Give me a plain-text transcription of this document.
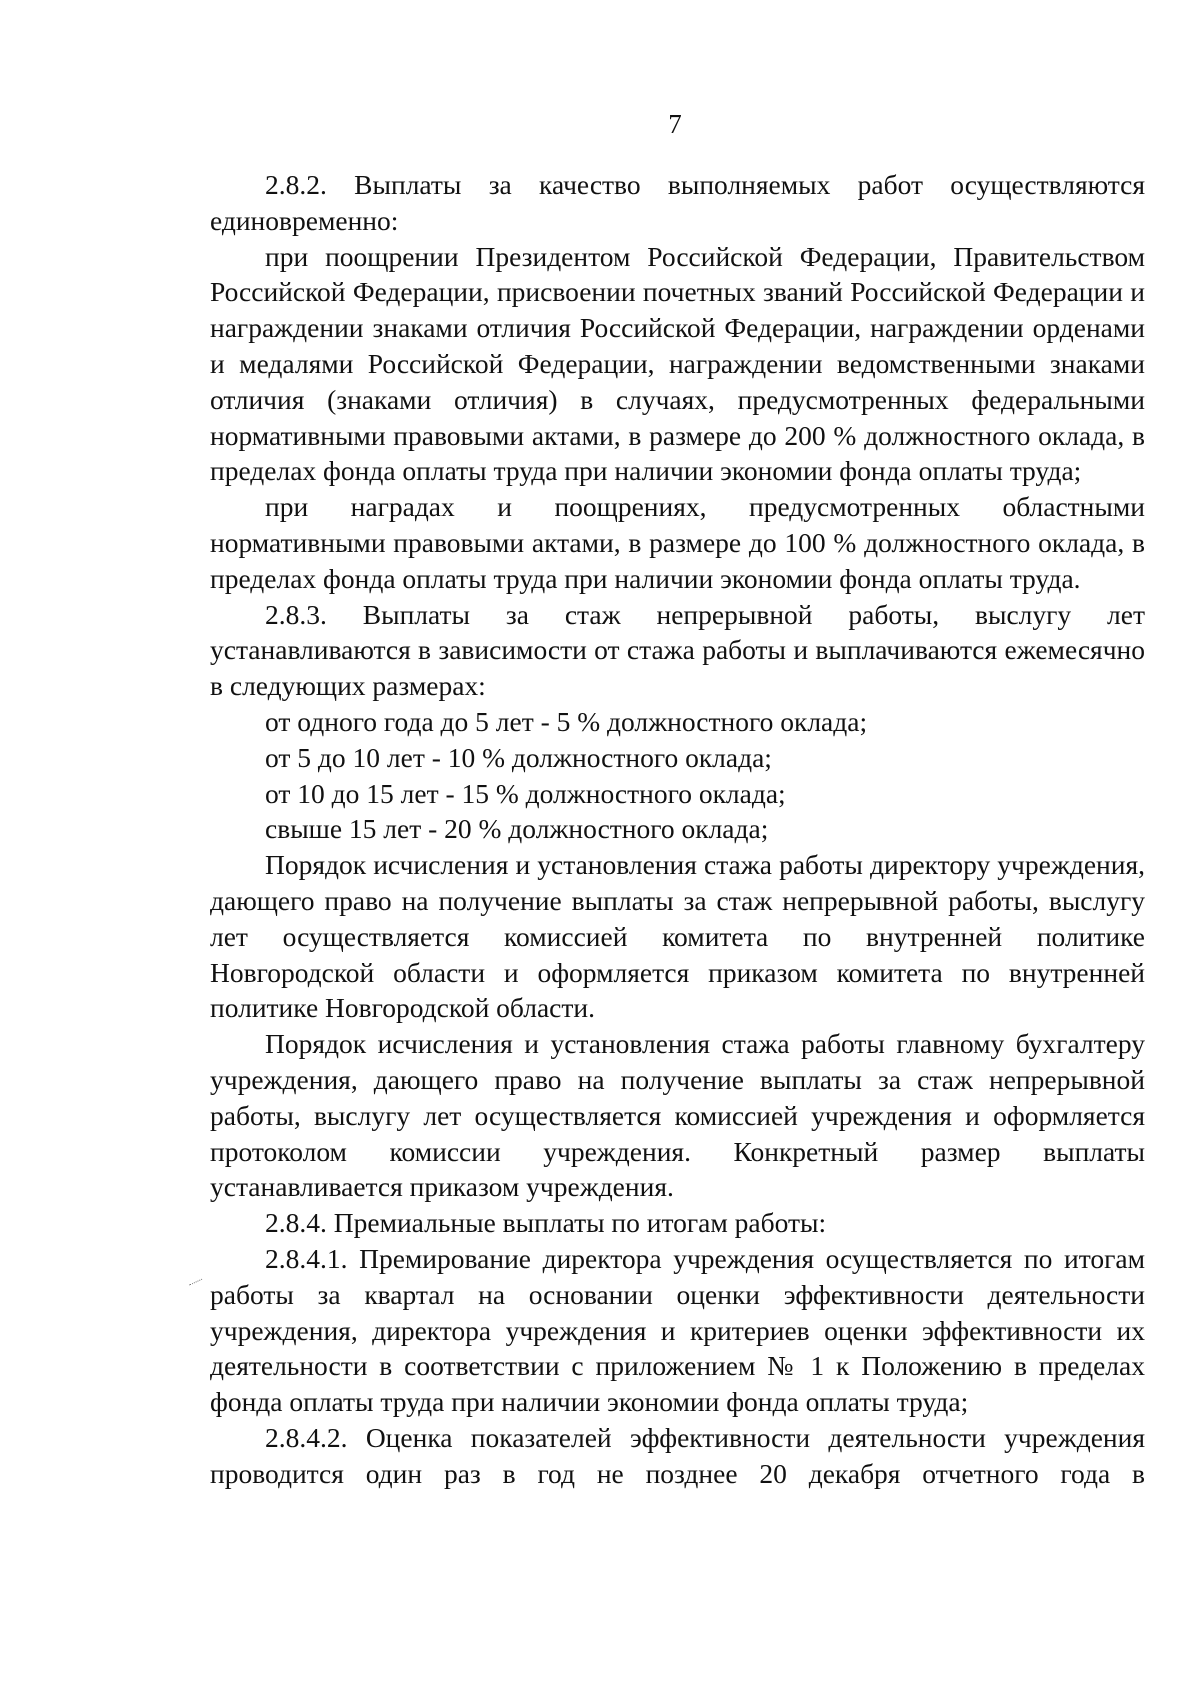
7

2.8.2. Выплаты за качество выполняемых работ осуществляются единовременно:

при поощрении Президентом Российской Федерации, Правительством Российской Федерации, присвоении почетных званий Российской Федерации и награждении знаками отличия Российской Федерации, награждении орденами и медалями Российской Федерации, награждении ведомственными знаками отличия (знаками отличия) в случаях, предусмотренных федеральными нормативными правовыми актами, в размере до 200 % должностного оклада, в пределах фонда оплаты труда при наличии экономии фонда оплаты труда;

при наградах и поощрениях, предусмотренных областными нормативными правовыми актами, в размере до 100 % должностного оклада, в пределах фонда оплаты труда при наличии экономии фонда оплаты труда.

2.8.3. Выплаты за стаж непрерывной работы, выслугу лет устанавливаются в зависимости от стажа работы и выплачиваются ежемесячно в следующих размерах:

от одного года до 5 лет - 5 % должностного оклада;

от 5 до 10 лет - 10 % должностного оклада;

от 10 до 15 лет - 15 % должностного оклада;

свыше 15 лет - 20 % должностного оклада;

Порядок исчисления и установления стажа работы директору учреждения, дающего право на получение выплаты за стаж непрерывной работы, выслугу лет осуществляется комиссией комитета по внутренней политике Новгородской области и оформляется приказом комитета по внутренней политике Новгородской области.

Порядок исчисления и установления стажа работы главному бухгалтеру учреждения, дающего право на получение выплаты за стаж непрерывной работы, выслугу лет осуществляется комиссией учреждения и оформляется протоколом комиссии учреждения. Конкретный размер выплаты устанавливается приказом учреждения.

2.8.4. Премиальные выплаты по итогам работы:

2.8.4.1. Премирование директора учреждения осуществляется по итогам работы за квартал на основании оценки эффективности деятельности учреждения, директора учреждения и критериев оценки эффективности их деятельности в соответствии с приложением № 1 к Положению в пределах фонда оплаты труда при наличии экономии фонда оплаты труда;

2.8.4.2. Оценка показателей эффективности деятельности учреждения проводится один раз в год не позднее 20 декабря отчетного года в
